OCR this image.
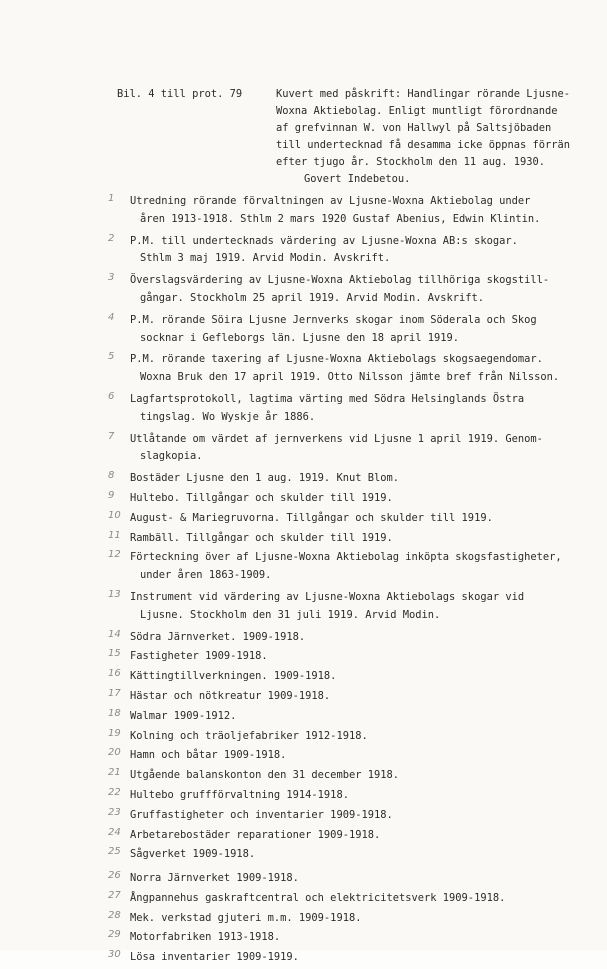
Bil. 4 till prot. 79	Kuvert med påskrift: Handlingar rörande Ljusne-
Woxna Aktiebolag. Enligt muntligt förordnande
af grefvinnan W. von Hallwyl på Saltsjöbaden
till undertecknad få desamma icke öppnas förrän
efter tjugo år. Stockholm den 11 aug. 1930.
Govert Indebetou.
1	Utredning rörande förvaltningen av Ljusne-Woxna Aktiebolag under
åren 1913-1918. Sthlm 2 mars 1920 Gustaf Abenius, Edwin Klintin.
2	P.M. till undertecknads värdering av Ljusne-Woxna AB:s skogar.
Sthlm 3 maj 1919. Arvid Modin. Avskrift.
3	Överslagsvärdering av Ljusne-Woxna Aktiebolag tillhöriga skogstill-
gångar. Stockholm 25 april 1919. Arvid Modin. Avskrift.
4	P.M. rörande Söira Ljusne Jernverks skogar inom Söderala och Skog
socknar i Gefleborgs län. Ljusne den 18 april 1919.
5	P.M. rörande taxering af Ljusne-Woxna Aktiebolags skogsaegendomar.
Woxna Bruk den 17 april 1919. Otto Nilsson jämte bref från Nilsson.
6	Lagfartsprotokoll, lagtima värting med Södra Helsinglands Östra
tingslag. Wo Wyskje år 1886.
7	Utlåtande om värdet af jernverkens vid Ljusne 1 april 1919. Genom-
slagkopia.
8	Bostäder Ljusne den 1 aug. 1919. Knut Blom.
9	Hultebo. Tillgångar och skulder till 1919.
10 August- & Mariegruvorna. Tillgångar och skulder till 1919.
11 Rambäll. Tillgångar och skulder till 1919.
12 Förteckning över af Ljusne-Woxna Aktiebolag inköpta skogsfastigheter,
under åren 1863-1909.
13 Instrument vid värdering av Ljusne-Woxna Aktiebolags skogar vid
Ljusne. Stockholm den 31 juli 1919. Arvid Modin.
14 Södra Järnverket. 1909-1918.
15 Fastigheter 1909-1918.
16 Kättingtillverkningen. 1909-1918.
17 Hästar och nötkreatur 1909-1918.
18 Walmar 1909-1912.
19 Kolning och träoljefabriker 1912-1918.
20 Hamn och båtar 1909-1918.
21 Utgående balanskonton den 31 december 1918.
22 Hultebo gruffförvaltning 1914-1918.
23 Gruffastigheter och inventarier 1909-1918.
24 Arbetarebostäder reparationer 1909-1918.
25 Sågverket 1909-1918.
26 Norra Järnverket 1909-1918.
27 Ångpannehus gaskraftcentral och elektricitetsverk 1909-1918.
28 Mek. verkstad gjuteri m.m. 1909-1918.
29 Motorfabriken 1913-1918.
30 Lösa inventarier 1909-1919.
